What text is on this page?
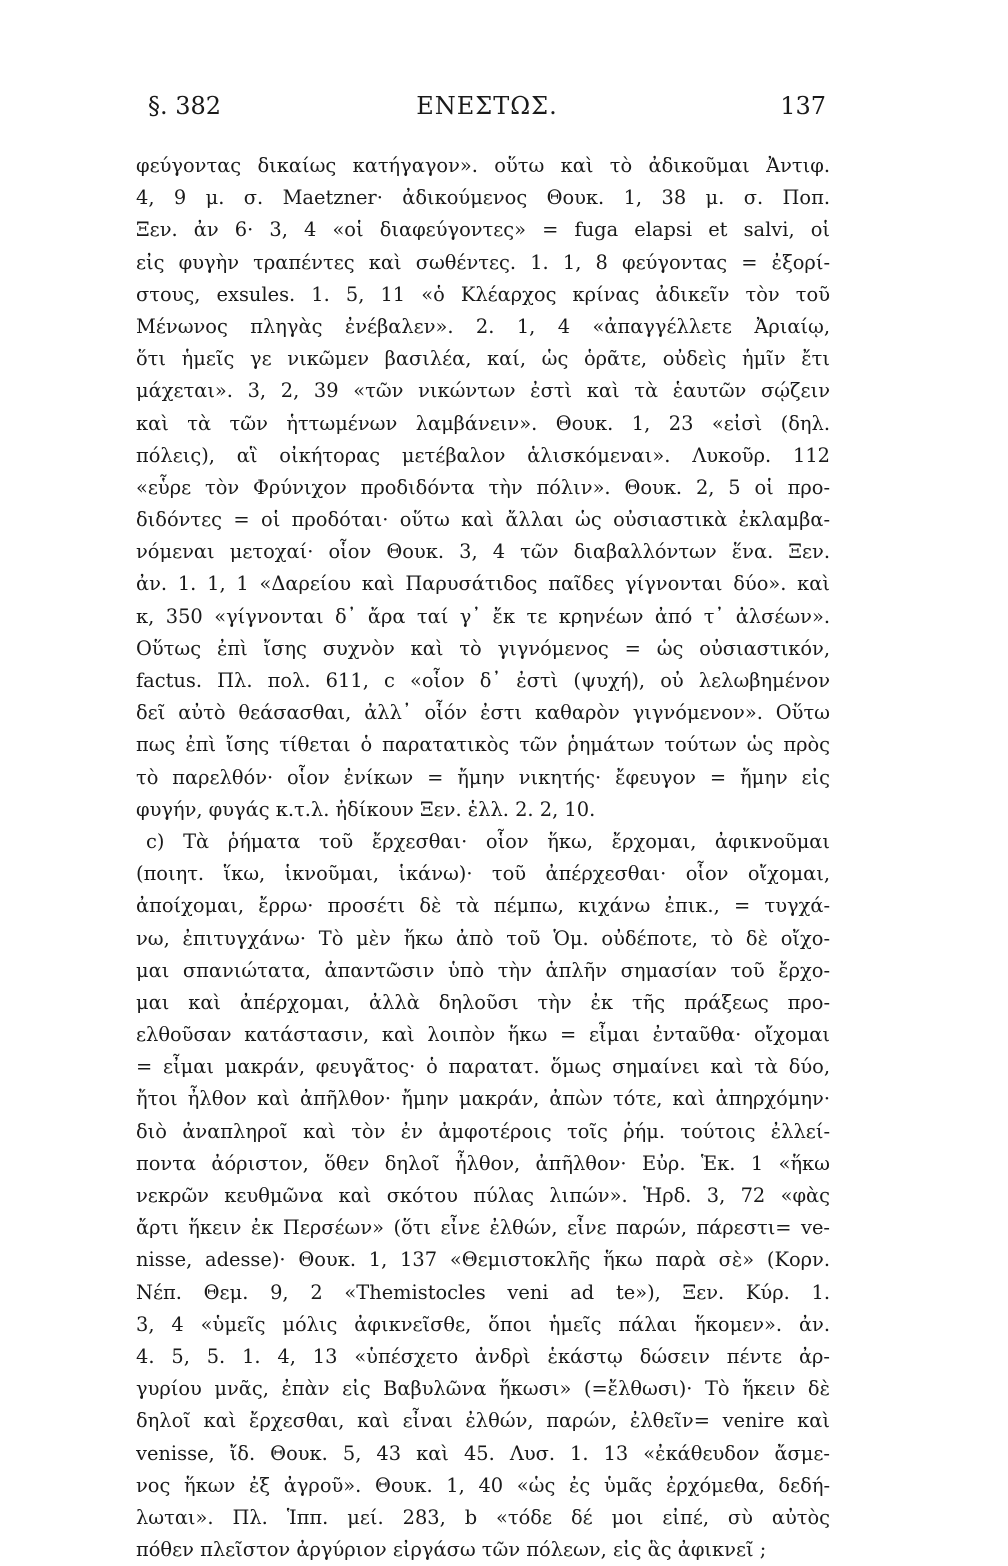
§. 382	ΕΝΕΣΤΩΣ.	137
φεύγοντας δικαίως κατήγαγον». οὕτω καὶ τὸ ἀδικοῦμαι Ἀντιφ.
4, 9 μ. σ. Maetzner· ἀδικούμενος Θουκ. 1, 38 μ. σ. Πoπ.
Ξεν. ἀν 6· 3, 4 «οἱ διαφεύγοντες» = fuga elapsi et salvi, οἱ
εἰς φυγὴν τραπέντες καὶ σωθέντες. 1. 1, 8 φεύγοντας = ἐξορί-
στους, exsules. 1. 5, 11 «ὁ Κλέαρχος κρίνας ἀδικεῖν τὸν τοῦ
Μένωνος πληγὰς ἐνέβαλεν». 2. 1, 4 «ἀπαγγέλλετε Ἀριαίῳ,
ὅτι ἡμεῖς γε νικῶμεν βασιλέα, καί, ὡς ὁρᾶτε, οὐδεὶς ἡμῖν ἔτι
μάχεται». 3, 2, 39 «τῶν νικώντων ἐστὶ καὶ τὰ ἑαυτῶν σῴζειν
καὶ τὰ τῶν ἡττωμένων λαμβάνειν». Θουκ. 1, 23 «εἰσὶ (δηλ.
πόλεις), αἳ οἰκήτορας μετέβαλον ἁλισκόμεναι». Λυκοῦρ. 112
«εὗρε τὸν Φρύνιχον προδιδόντα τὴν πόλιν». Θουκ. 2, 5 οἱ προ-
διδόντες = οἱ προδόται· οὕτω καὶ ἄλλαι ὡς οὐσιαστικὰ ἐκλαμβα-
νόμεναι μετοχαί· οἷον Θουκ. 3, 4 τῶν διαβαλλόντων ἕνα. Ξεν.
ἀν. 1. 1, 1 «Δαρείου καὶ Παρυσάτιδος παῖδες γίγνονται δύο». καὶ
κ, 350 «γίγνονται δ᾽ ἄρα ταί γ᾽ ἔκ τε κρηνέων ἀπό τ᾽ ἀλσέων».
Οὕτως ἐπὶ ἴσης συχνὸν καὶ τὸ γιγνόμενος = ὡς οὐσιαστικόν,
factus. Πλ. πολ. 611, c «οἷον δ᾽ ἐστὶ (ψυχή), οὐ λελωβημένον
δεῖ αὐτὸ θεάσασθαι, ἀλλ᾽ οἷόν ἐστι καθαρὸν γιγνόμενον». Οὕτω
πως ἐπὶ ἴσης τίθεται ὁ παρατατικὸς τῶν ῥημάτων τούτων ὡς πρὸς
τὸ παρελθόν· οἷον ἐνίκων = ἤμην νικητής· ἔφευγον = ἤμην εἰς
φυγήν, φυγάς κ.τ.λ. ἠδίκουν Ξεν. ἑλλ. 2. 2, 10.
c) Τὰ ῥήματα τοῦ ἔρχεσθαι· οἷον ἥκω, ἔρχομαι, ἀφικνοῦμαι
(ποιητ. ἵκω, ἱκνοῦμαι, ἱκάνω)· τοῦ ἀπέρχεσθαι· οἷον οἴχομαι,
ἀποίχομαι, ἔρρω· προσέτι δὲ τὰ πέμπω, κιχάνω ἐπικ., = τυγχά-
νω, ἐπιτυγχάνω· Τὸ μὲν ἥκω ἀπὸ τοῦ Ὁμ. οὐδέποτε, τὸ δὲ οἴχο-
μαι σπανιώτατα, ἀπαντῶσιν ὑπὸ τὴν ἁπλῆν σημασίαν τοῦ ἔρχο-
μαι καὶ ἀπέρχομαι, ἀλλὰ δηλοῦσι τὴν ἐκ τῆς πράξεως προ-
ελθοῦσαν κατάστασιν, καὶ λοιπὸν ἥκω = εἶμαι ἐνταῦθα· οἴχομαι
= εἶμαι μακράν, φευγᾶτος· ὁ παρατατ. ὅμως σημαίνει καὶ τὰ δύο,
ἤτοι ἦλθον καὶ ἀπῆλθον· ἤμην μακράν, ἀπὼν τότε, καὶ ἀπηρχόμην·
διὸ ἀναπληροῖ καὶ τὸν ἐν ἀμφοτέροις τοῖς ῥήμ. τούτοις ἐλλεί-
ποντα ἀόριστον, ὅθεν δηλοῖ ἦλθον, ἀπῆλθον· Εὐρ. Ἑκ. 1 «ἥκω
νεκρῶν κευθμῶνα καὶ σκότου πύλας λιπών». Ἡρδ. 3, 72 «φὰς
ἄρτι ἥκειν ἐκ Περσέων» (ὅτι εἶνε ἐλθών, εἶνε παρών, πάρεστι= ve-
nisse, adesse)· Θουκ. 1, 137 «Θεμιστοκλῆς ἥκω παρὰ σὲ» (Κορν.
Νέπ. Θεμ. 9, 2 «Themistocles veni ad te»), Ξεν. Κύρ. 1.
3, 4 «ὑμεῖς μόλις ἀφικνεῖσθε, ὅποι ἡμεῖς πάλαι ἥκομεν». ἀν.
4. 5, 5. 1. 4, 13 «ὑπέσχετο ἀνδρὶ ἑκάστῳ δώσειν πέντε ἀρ-
γυρίου μνᾶς, ἐπὰν εἰς Βαβυλῶνα ἥκωσι» (=ἔλθωσι)· Τὸ ἥκειν δὲ
δηλοῖ καὶ ἔρχεσθαι, καὶ εἶναι ἐλθών, παρών, ἐλθεῖν= venire καὶ
venisse, ἴδ. Θουκ. 5, 43 καὶ 45. Λυσ. 1. 13 «ἐκάθευδον ἄσμε-
νος ἥκων ἐξ ἀγροῦ». Θουκ. 1, 40 «ὡς ἐς ὑμᾶς ἐρχόμεθα, δεδή-
λωται». Πλ. Ἱππ. μεί. 283, b «τόδε δέ μοι εἰπέ, σὺ αὐτὸς
πόθεν πλεῖστον ἀργύριον εἰργάσω τῶν πόλεων, εἰς ἃς ἀφικνεῖ ;
